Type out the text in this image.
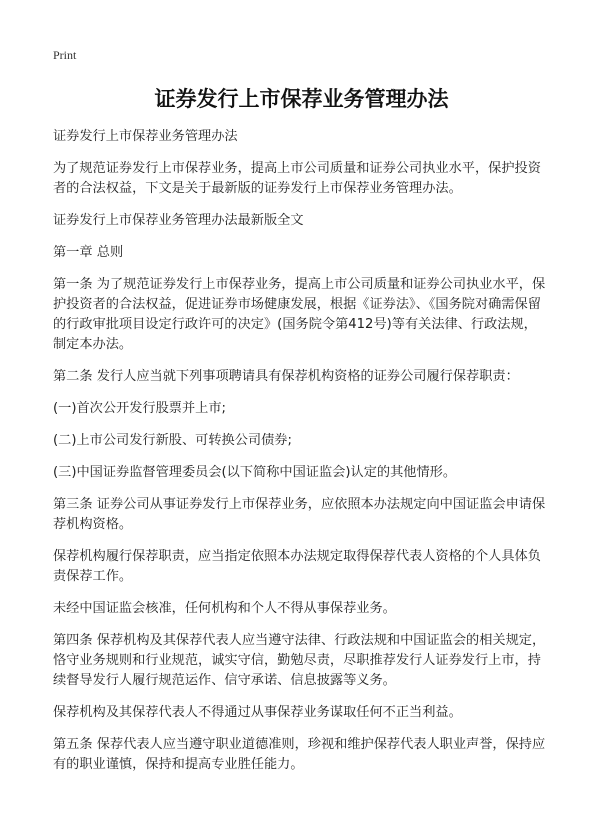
Print
证券发行上市保荐业务管理办法

证券发行上市保荐业务管理办法

为了规范证券发行上市保荐业务，提高上市公司质量和证券公司执业水平，保护投资者的合法权益，下文是关于最新版的证券发行上市保荐业务管理办法。

证券发行上市保荐业务管理办法最新版全文

第一章 总则

第一条 为了规范证券发行上市保荐业务，提高上市公司质量和证券公司执业水平，保护投资者的合法权益，促进证券市场健康发展，根据《证券法》、《国务院对确需保留的行政审批项目设定行政许可的决定》(国务院令第412号)等有关法律、行政法规，制定本办法。

第二条 发行人应当就下列事项聘请具有保荐机构资格的证券公司履行保荐职责：

(一)首次公开发行股票并上市;

(二)上市公司发行新股、可转换公司债券;

(三)中国证券监督管理委员会(以下简称中国证监会)认定的其他情形。

第三条 证券公司从事证券发行上市保荐业务，应依照本办法规定向中国证监会申请保荐机构资格。

保荐机构履行保荐职责，应当指定依照本办法规定取得保荐代表人资格的个人具体负责保荐工作。

未经中国证监会核准，任何机构和个人不得从事保荐业务。

第四条 保荐机构及其保荐代表人应当遵守法律、行政法规和中国证监会的相关规定，恪守业务规则和行业规范，诚实守信，勤勉尽责，尽职推荐发行人证券发行上市，持续督导发行人履行规范运作、信守承诺、信息披露等义务。

保荐机构及其保荐代表人不得通过从事保荐业务谋取任何不正当利益。

第五条 保荐代表人应当遵守职业道德准则，珍视和维护保荐代表人职业声誉，保持应有的职业谨慎，保持和提高专业胜任能力。
